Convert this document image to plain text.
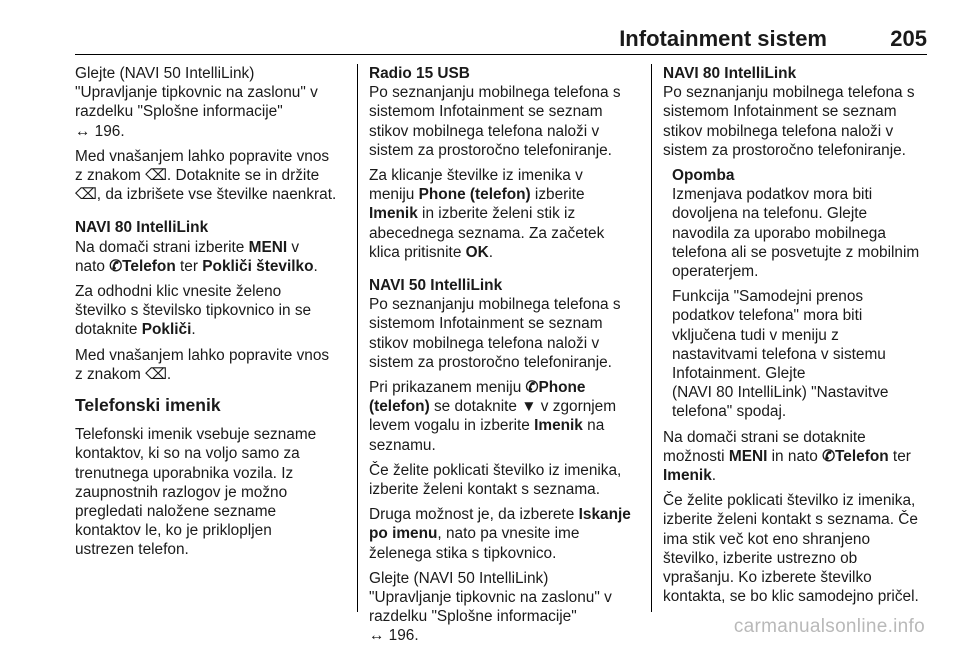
Infotainment sistem	205
Glejte (NAVI 50 IntelliLink)
"Upravljanje tipkovnic na zaslonu" v
razdelku "Splošne informacije"
↔ 196.
Med vnašanjem lahko popravite vnos
z znakom ⌫. Dotaknite se in držite
⌫, da izbrišete vse številke naenkrat.
NAVI 80 IntelliLink
Na domači strani izberite MENI v
nato ✆Telefon ter Pokliči številko.
Za odhodni klic vnesite želeno
številko s številsko tipkovnico in se
dotaknite Pokliči.
Med vnašanjem lahko popravite vnos
z znakom ⌫.
Telefonski imenik
Telefonski imenik vsebuje sezname
kontaktov, ki so na voljo samo za
trenutnega uporabnika vozila. Iz
zaupnostnih razlogov je možno
pregledati naložene sezname
kontaktov le, ko je priklopljen
ustrezen telefon.
Radio 15 USB
Po seznanjanju mobilnega telefona s
sistemom Infotainment se seznam
stikov mobilnega telefona naloži v
sistem za prostoročno telefoniranje.
Za klicanje številke iz imenika v
meniju Phone (telefon) izberite
Imenik in izberite želeni stik iz
abecednega seznama. Za začetek
klica pritisnite OK.
NAVI 50 IntelliLink
Po seznanjanju mobilnega telefona s
sistemom Infotainment se seznam
stikov mobilnega telefona naloži v
sistem za prostoročno telefoniranje.
Pri prikazanem meniju ✆Phone
(telefon) se dotaknite ▼ v zgornjem
levem vogalu in izberite Imenik na
seznamu.
Če želite poklicati številko iz imenika,
izberite želeni kontakt s seznama.
Druga možnost je, da izberete Iskanje
po imenu, nato pa vnesite ime
želenega stika s tipkovnico.
Glejte (NAVI 50 IntelliLink)
"Upravljanje tipkovnic na zaslonu" v
razdelku "Splošne informacije"
↔ 196.
NAVI 80 IntelliLink
Po seznanjanju mobilnega telefona s
sistemom Infotainment se seznam
stikov mobilnega telefona naloži v
sistem za prostoročno telefoniranje.
Opomba
Izmenjava podatkov mora biti
dovoljena na telefonu. Glejte
navodila za uporabo mobilnega
telefona ali se posvetujte z mobilnim
operaterjem.
Funkcija "Samodejni prenos
podatkov telefona" mora biti
vključena tudi v meniju z
nastavitvami telefona v sistemu
Infotainment. Glejte
(NAVI 80 IntelliLink) "Nastavitve
telefona" spodaj.
Na domači strani se dotaknite
možnosti MENI in nato ✆Telefon ter
Imenik.
Če želite poklicati številko iz imenika,
izberite želeni kontakt s seznama. Če
ima stik več kot eno shranjeno
številko, izberite ustrezno ob
vprašanju. Ko izberete številko
kontakta, se bo klic samodejno pričel.
carmanualsonline.info
